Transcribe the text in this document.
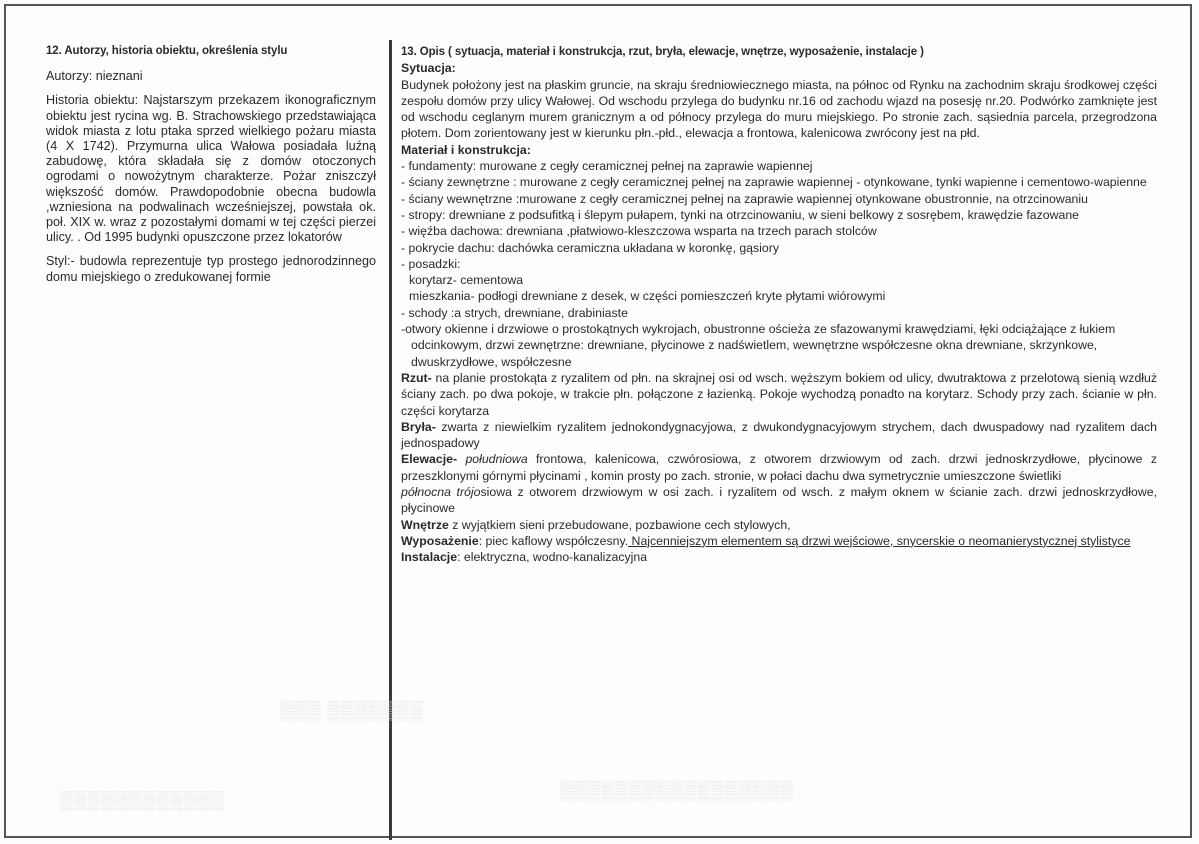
▒▒▒ ▒▒▒▒▒▒▒
▒▒▒▒▒▒▒▒▒▒▒▒	▒▒▒▒▒▒▒▒▒▒▒▒▒▒▒▒▒
12. Autorzy, historia obiektu, określenia stylu

Autorzy: nieznani

Historia obiektu: Najstarszym przekazem ikonograficznym obiektu jest rycina wg. B. Strachowskiego przedstawiająca widok miasta z lotu ptaka sprzed wielkiego pożaru miasta (4 X 1742). Przymurna ulica Wałowa posiadała luźną zabudowę, która składała się z domów otoczonych ogrodami o nowożytnym charakterze. Pożar zniszczył większość domów. Prawdopodobnie obecna budowla ,wzniesiona na podwalinach wcześniejszej, powstała ok. poł. XIX w. wraz z pozostałymi domami w tej części pierzei ulicy. . Od 1995 budynki opuszczone przez lokatorów

Styl:- budowla reprezentuje typ prostego jednorodzinnego domu miejskiego o zredukowanej formie

13. Opis ( sytuacja, materiał i konstrukcja, rzut, bryła, elewacje, wnętrze, wyposażenie, instalacje )
Sytuacja:

Budynek położony jest na płaskim gruncie, na skraju średniowiecznego miasta, na północ od Rynku na zachodnim skraju środkowej części zespołu domów przy ulicy Wałowej. Od wschodu przylega do budynku nr.16 od zachodu wjazd na posesję nr.20. Podwórko zamknięte jest od wschodu ceglanym murem granicznym a od północy przylega do muru miejskiego. Po stronie zach. sąsiednia parcela, przegrodzona płotem. Dom zorientowany jest w kierunku płn.-płd., elewacja a frontowa, kalenicowa zwrócony jest na płd.

Materiał i konstrukcja:

- fundamenty: murowane z cegły ceramicznej pełnej na zaprawie wapiennej

- ściany zewnętrzne : murowane z cegły ceramicznej pełnej na zaprawie wapiennej - otynkowane, tynki wapienne i cementowo-wapienne

- ściany wewnętrzne :murowane z cegły ceramicznej pełnej na zaprawie wapiennej otynkowane obustronnie, na otrzcinowaniu

- stropy: drewniane z podsufitką i ślepym pułapem, tynki na otrzcinowaniu, w sieni belkowy z sosrębem, krawędzie fazowane

- więźba dachowa: drewniana ,płatwiowo-kleszczowa wsparta na trzech parach stolców

- pokrycie dachu: dachówka ceramiczna układana w koronkę, gąsiory

- posadzki:

korytarz- cementowa

mieszkania- podłogi drewniane z desek, w części pomieszczeń kryte płytami wiórowymi

- schody :a strych, drewniane, drabiniaste

-otwory okienne i drzwiowe o prostokątnych wykrojach, obustronne ościeża ze sfazowanymi krawędziami, łęki odciążające z łukiem odcinkowym, drzwi zewnętrzne: drewniane, płycinowe z nadświetlem, wewnętrzne współczesne okna drewniane, skrzynkowe, dwuskrzydłowe, współczesne

Rzut- na planie prostokąta z ryzalitem od płn. na skrajnej osi od wsch. węższym bokiem od ulicy, dwutraktowa z przelotową sienią wzdłuż ściany zach. po dwa pokoje, w trakcie płn. połączone z łazienką. Pokoje wychodzą ponadto na korytarz. Schody przy zach. ścianie w płn. części korytarza

Bryła- zwarta z niewielkim ryzalitem jednokondygnacyjowa, z dwukondygnacyjowym strychem, dach dwuspadowy nad ryzalitem dach jednospadowy

Elewacje- południowa frontowa, kalenicowa, czwórosiowa, z otworem drzwiowym od zach. drzwi jednoskrzydłowe, płycinowe z przeszklonymi górnymi płycinami , komin prosty po zach. stronie, w połaci dachu dwa symetrycznie umieszczone świetliki

północna trójosiowa z otworem drzwiowym w osi zach. i ryzalitem od wsch. z małym oknem w ścianie zach. drzwi jednoskrzydłowe, płycinowe

Wnętrze z wyjątkiem sieni przebudowane, pozbawione cech stylowych,

Wyposażenie: piec kaflowy współczesny. Najcenniejszym elementem są drzwi wejściowe, snycerskie o neomanierystycznej stylistyce

Instalacje: elektryczna, wodno-kanalizacyjna
